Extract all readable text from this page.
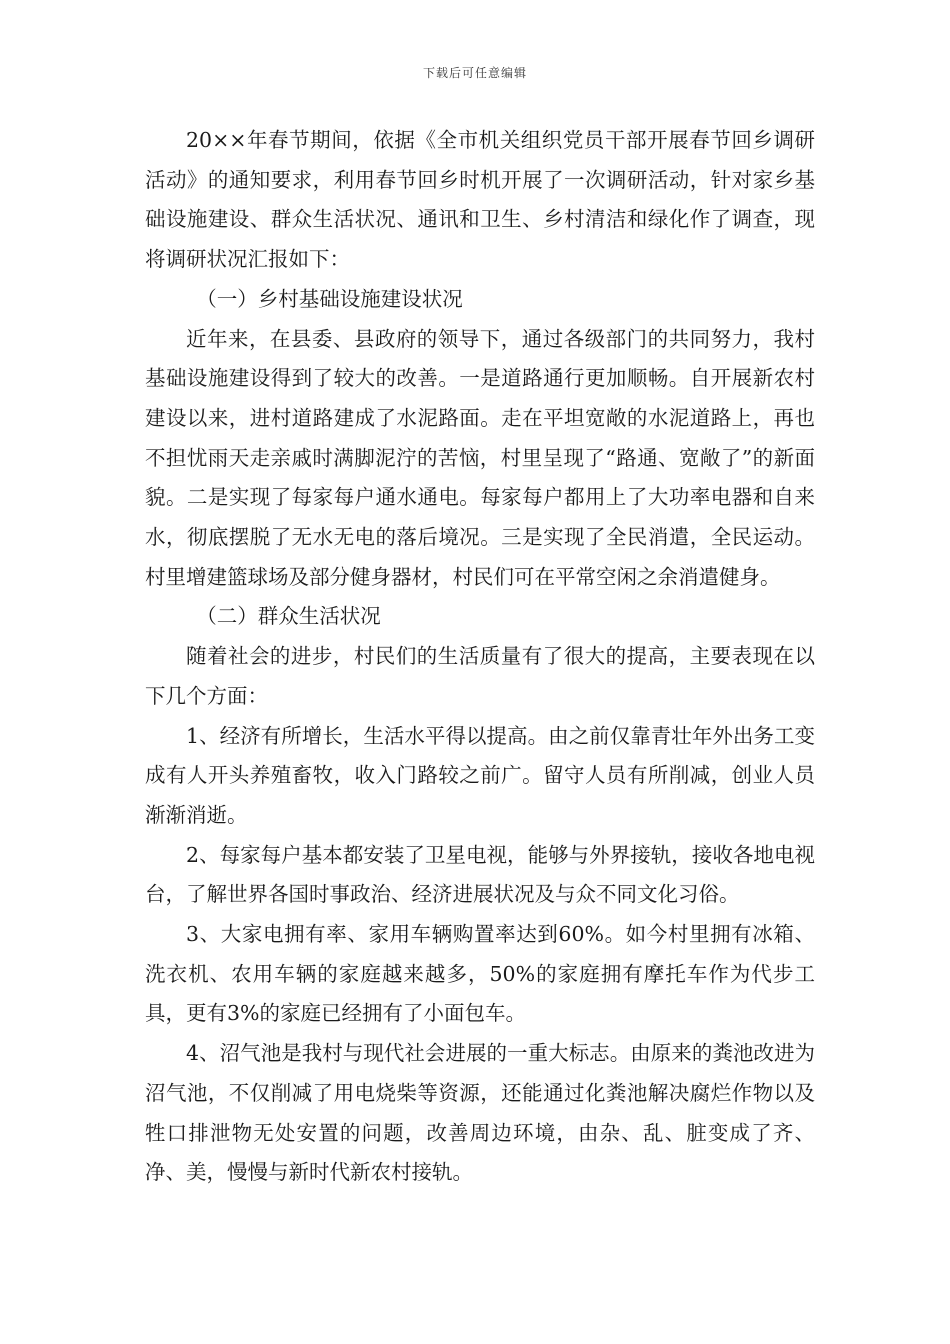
下载后可任意编辑

20××年春节期间，依据《全市机关组织党员干部开展春节回乡调研活动》的通知要求，利用春节回乡时机开展了一次调研活动，针对家乡基础设施建设、群众生活状况、通讯和卫生、乡村清洁和绿化作了调查，现将调研状况汇报如下：

（一）乡村基础设施建设状况

近年来，在县委、县政府的领导下，通过各级部门的共同努力，我村基础设施建设得到了较大的改善。一是道路通行更加顺畅。自开展新农村建设以来，进村道路建成了水泥路面。走在平坦宽敞的水泥道路上，再也不担忧雨天走亲戚时满脚泥泞的苦恼，村里呈现了“路通、宽敞了”的新面貌。二是实现了每家每户通水通电。每家每户都用上了大功率电器和自来水，彻底摆脱了无水无电的落后境况。三是实现了全民消遣，全民运动。村里增建篮球场及部分健身器材，村民们可在平常空闲之余消遣健身。

（二）群众生活状况

随着社会的进步，村民们的生活质量有了很大的提高，主要表现在以下几个方面：

1、经济有所增长，生活水平得以提高。由之前仅靠青壮年外出务工变成有人开头养殖畜牧，收入门路较之前广。留守人员有所削减，创业人员渐渐消逝。

2、每家每户基本都安装了卫星电视，能够与外界接轨，接收各地电视台，了解世界各国时事政治、经济进展状况及与众不同文化习俗。

3、大家电拥有率、家用车辆购置率达到60%。如今村里拥有冰箱、洗衣机、农用车辆的家庭越来越多，50%的家庭拥有摩托车作为代步工具，更有3%的家庭已经拥有了小面包车。

4、沼气池是我村与现代社会进展的一重大标志。由原来的粪池改进为沼气池，不仅削减了用电烧柴等资源，还能通过化粪池解决腐烂作物以及牲口排泄物无处安置的问题，改善周边环境，由杂、乱、脏变成了齐、净、美，慢慢与新时代新农村接轨。
